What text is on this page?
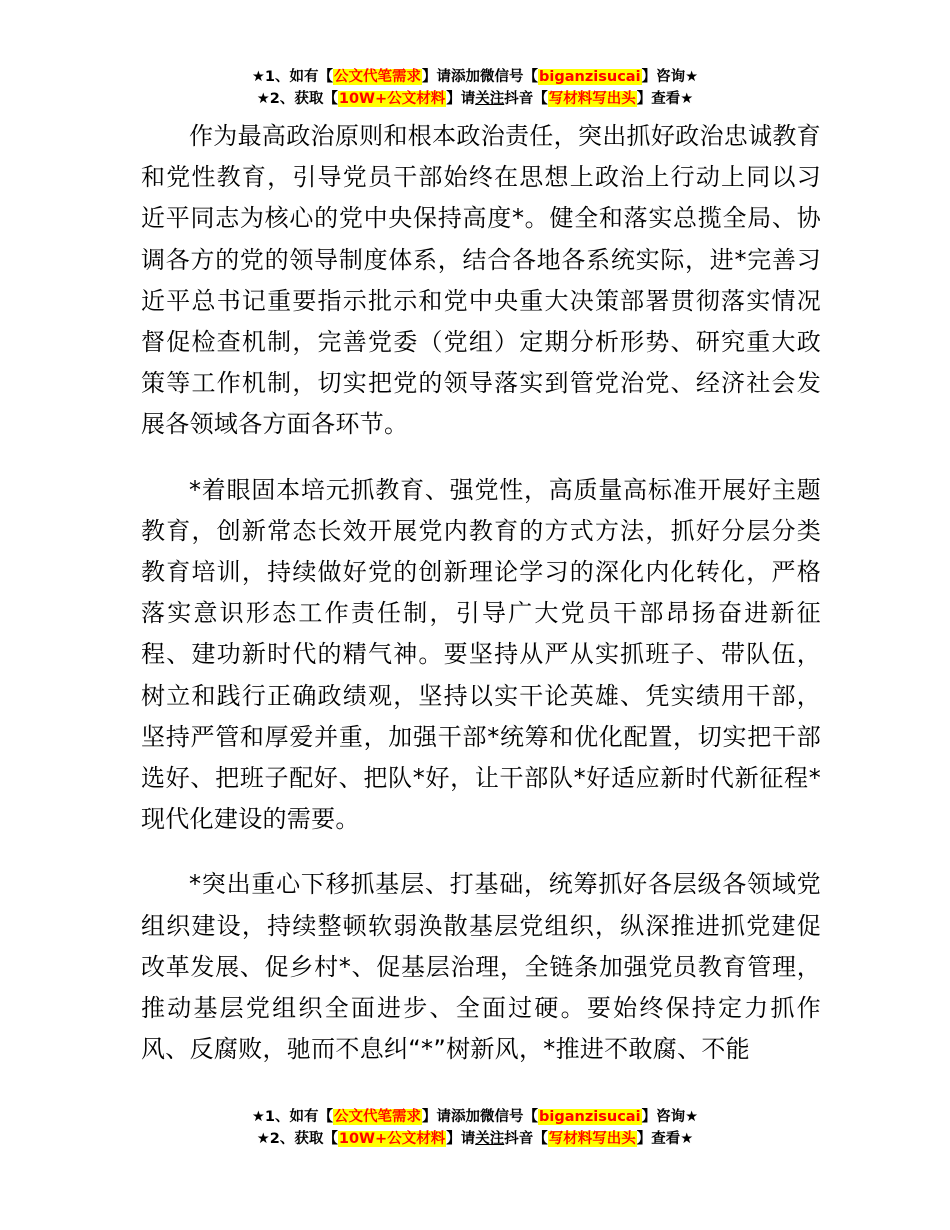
★1、如有【公文代笔需求】请添加微信号【biganzisucai】咨询★
★2、获取【10W+公文材料】请关注抖音【写材料写出头】查看★

作为最高政治原则和根本政治责任，突出抓好政治忠诚教育和党性教育，引导党员干部始终在思想上政治上行动上同以习近平同志为核心的党中央保持高度*。健全和落实总揽全局、协调各方的党的领导制度体系，结合各地各系统实际，进*完善习近平总书记重要指示批示和党中央重大决策部署贯彻落实情况督促检查机制，完善党委（党组）定期分析形势、研究重大政策等工作机制，切实把党的领导落实到管党治党、经济社会发展各领域各方面各环节。

*着眼固本培元抓教育、强党性，高质量高标准开展好主题教育，创新常态长效开展党内教育的方式方法，抓好分层分类教育培训，持续做好党的创新理论学习的深化内化转化，严格落实意识形态工作责任制，引导广大党员干部昂扬奋进新征程、建功新时代的精气神。要坚持从严从实抓班子、带队伍，树立和践行正确政绩观，坚持以实干论英雄、凭实绩用干部，坚持严管和厚爱并重，加强干部*统筹和优化配置，切实把干部选好、把班子配好、把队*好，让干部队*好适应新时代新征程*现代化建设的需要。

*突出重心下移抓基层、打基础，统筹抓好各层级各领域党组织建设，持续整顿软弱涣散基层党组织，纵深推进抓党建促改革发展、促乡村*、促基层治理，全链条加强党员教育管理，推动基层党组织全面进步、全面过硬。要始终保持定力抓作风、反腐败，驰而不息纠“*”树新风，*推进不敢腐、不能

★1、如有【公文代笔需求】请添加微信号【biganzisucai】咨询★
★2、获取【10W+公文材料】请关注抖音【写材料写出头】查看★
